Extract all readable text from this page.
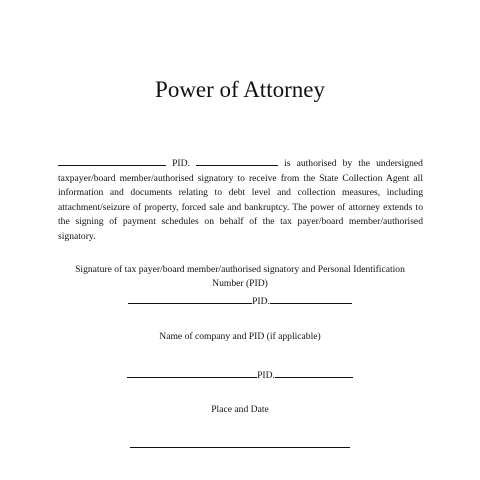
Power of Attorney

PID.	is authorised by the undersigned taxpayer/board member/authorised signatory to receive from the State Collection Agent all information and documents relating to debt level and collection measures, including attachment/seizure of property, forced sale and bankruptcy. The power of attorney extends to the signing of payment schedules on behalf of the tax payer/board member/authorised signatory.

Signature of tax payer/board member/authorised signatory and Personal Identification Number (PID)

PID.

Name of company and PID (if applicable)

PID.

Place and Date
